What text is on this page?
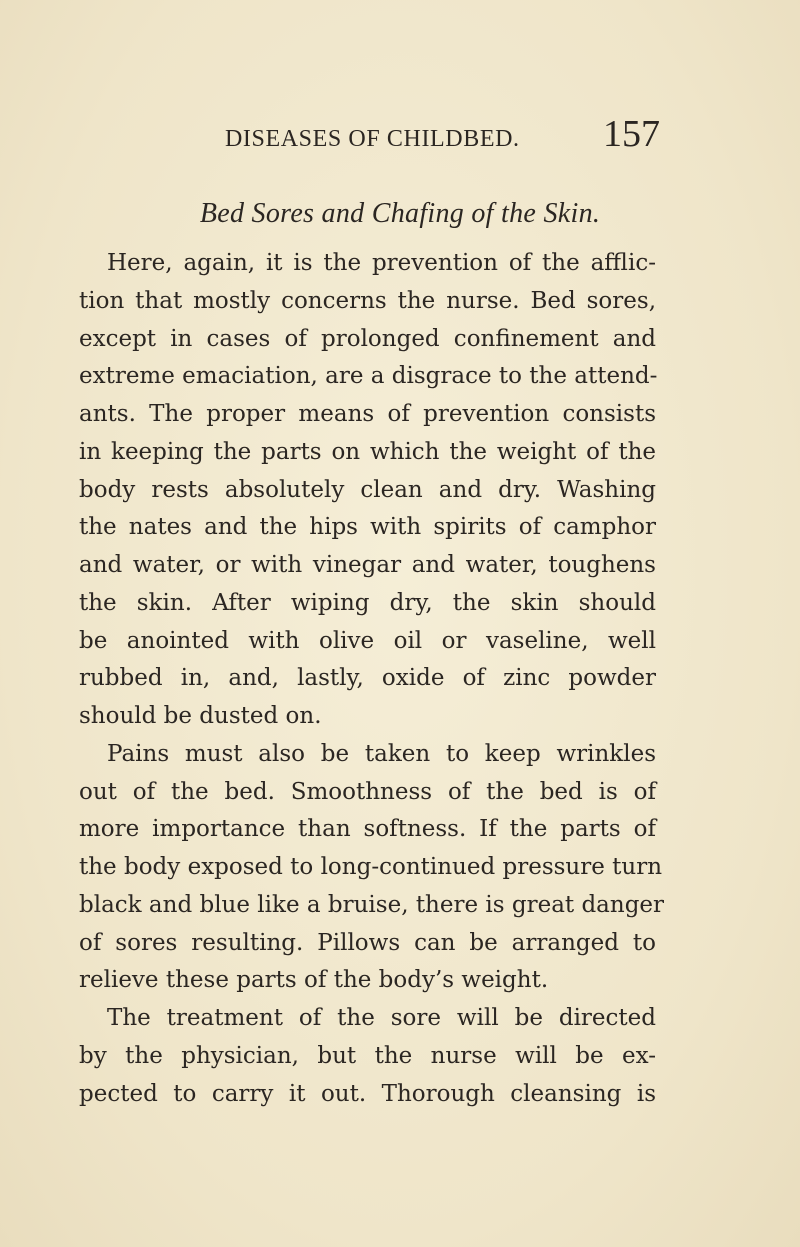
DISEASES OF CHILDBED. 157
Bed Sores and Chafing of the Skin.
Here, again, it is the prevention of the afflic-
tion that mostly concerns the nurse. Bed sores,
except in cases of prolonged confinement and
extreme emaciation, are a disgrace to the attend-
ants. The proper means of prevention consists
in keeping the parts on which the weight of the
body rests absolutely clean and dry. Washing
the nates and the hips with spirits of camphor
and water, or with vinegar and water, toughens
the skin. After wiping dry, the skin should
be anointed with olive oil or vaseline, well
rubbed in, and, lastly, oxide of zinc powder
should be dusted on.
Pains must also be taken to keep wrinkles
out of the bed. Smoothness of the bed is of
more importance than softness. If the parts of
the body exposed to long-continued pressure turn
black and blue like a bruise, there is great danger
of sores resulting. Pillows can be arranged to
relieve these parts of the body’s weight.
The treatment of the sore will be directed
by the physician, but the nurse will be ex-
pected to carry it out. Thorough cleansing is
